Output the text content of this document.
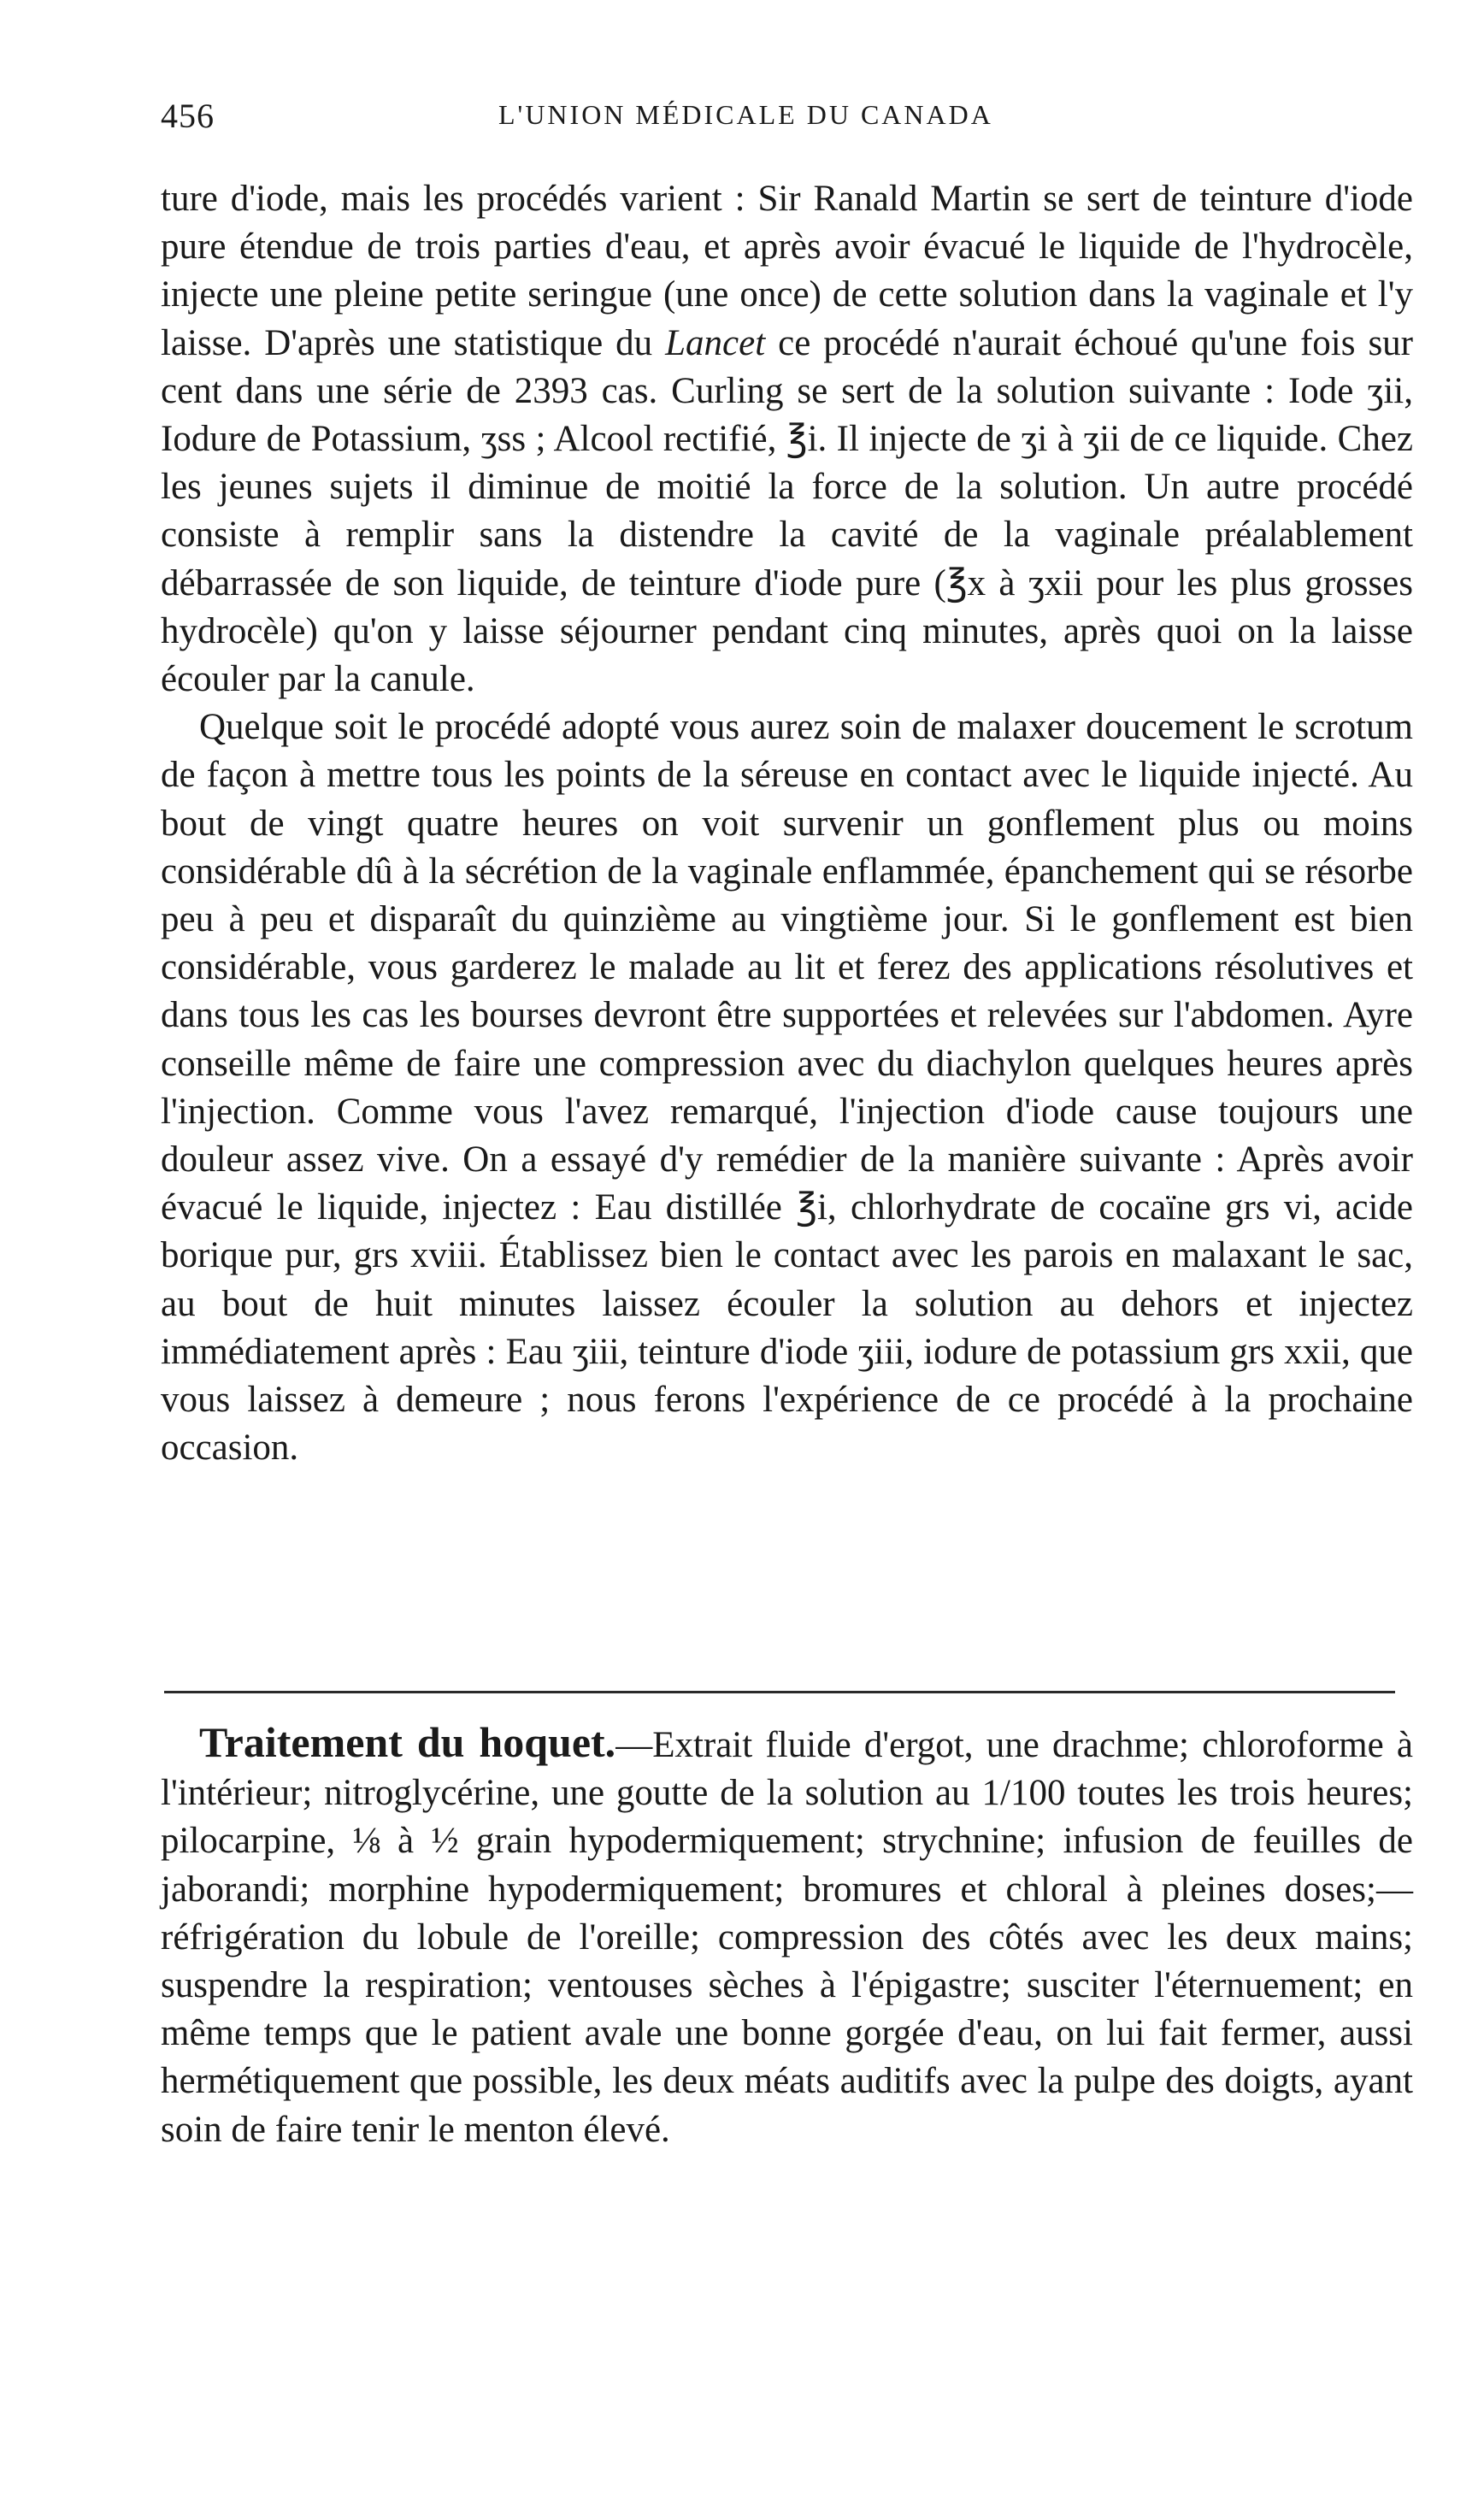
456	L'UNION MÉDICALE DU CANADA

ture d'iode, mais les procédés varient : Sir Ranald Martin se sert de teinture d'iode pure étendue de trois parties d'eau, et après avoir évacué le liquide de l'hydrocèle, injecte une pleine petite seringue (une once) de cette solution dans la vaginale et l'y laisse. D'après une statistique du Lancet ce procédé n'aurait échoué qu'une fois sur cent dans une série de 2393 cas. Curling se sert de la solution suivante : Iode ʒii, Iodure de Potassium, ʒss ; Alcool rectifié, ℥i. Il injecte de ʒi à ʒii de ce liquide. Chez les jeunes sujets il diminue de moitié la force de la solution. Un autre procédé consiste à remplir sans la distendre la cavité de la vaginale préalablement débarrassée de son liquide, de teinture d'iode pure (℥x à ʒxii pour les plus grosses hydrocèle) qu'on y laisse séjourner pendant cinq minutes, après quoi on la laisse écouler par la canule.

Quelque soit le procédé adopté vous aurez soin de malaxer doucement le scrotum de façon à mettre tous les points de la séreuse en contact avec le liquide injecté. Au bout de vingt quatre heures on voit survenir un gonflement plus ou moins considérable dû à la sécrétion de la vaginale enflammée, épanchement qui se résorbe peu à peu et disparaît du quinzième au vingtième jour. Si le gonflement est bien considérable, vous garderez le malade au lit et ferez des applications résolutives et dans tous les cas les bourses devront être supportées et relevées sur l'abdomen. Ayre conseille même de faire une compression avec du diachylon quelques heures après l'injection. Comme vous l'avez remarqué, l'injection d'iode cause toujours une douleur assez vive. On a essayé d'y remédier de la manière suivante : Après avoir évacué le liquide, injectez : Eau distillée ℥i, chlorhydrate de cocaïne grs vi, acide borique pur, grs xviii. Établissez bien le contact avec les parois en malaxant le sac, au bout de huit minutes laissez écouler la solution au dehors et injectez immédiatement après : Eau ʒiii, teinture d'iode ʒiii, iodure de potassium grs xxii, que vous laissez à demeure ; nous ferons l'expérience de ce procédé à la prochaine occasion.

Traitement du hoquet.—Extrait fluide d'ergot, une drachme; chloroforme à l'intérieur; nitroglycérine, une goutte de la solution au 1/100 toutes les trois heures; pilocarpine, ⅛ à ½ grain hypodermiquement; strychnine; infusion de feuilles de jaborandi; morphine hypodermiquement; bromures et chloral à pleines doses;—réfrigération du lobule de l'oreille; compression des côtés avec les deux mains; suspendre la respiration; ventouses sèches à l'épigastre; susciter l'éternuement; en même temps que le patient avale une bonne gorgée d'eau, on lui fait fermer, aussi hermétiquement que possible, les deux méats auditifs avec la pulpe des doigts, ayant soin de faire tenir le menton élevé.
